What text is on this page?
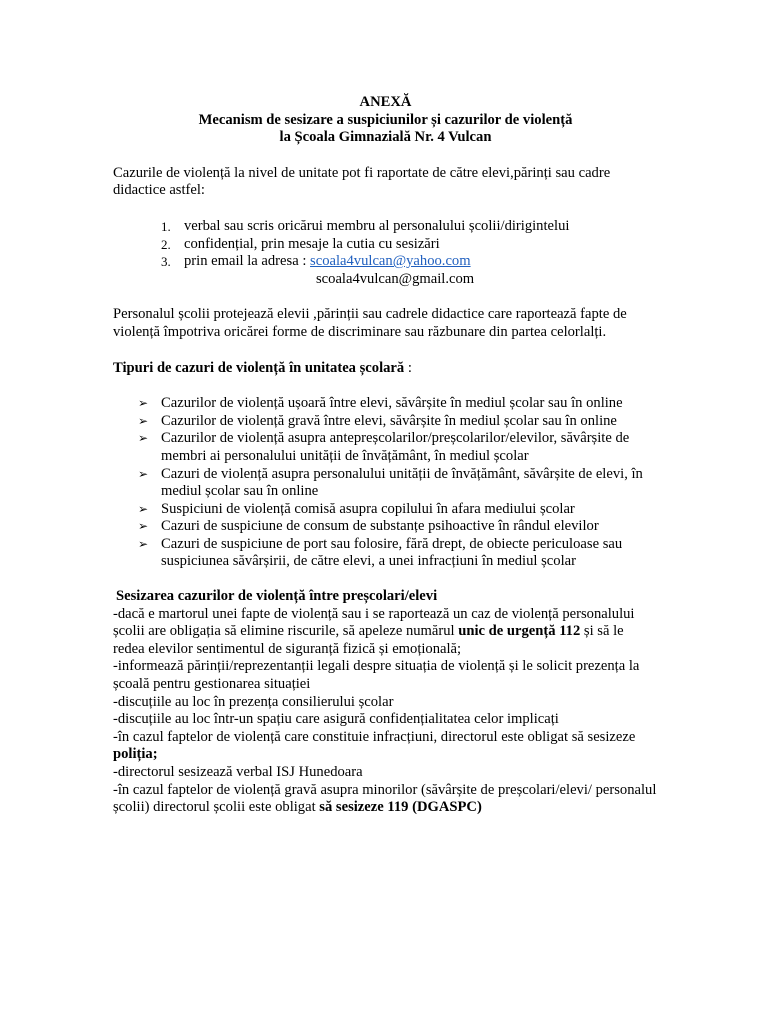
ANEXĂ

Mecanism de sesizare a suspiciunilor și cazurilor de violență

la Școala Gimnazială Nr. 4 Vulcan

Cazurile de violență la nivel de unitate pot fi raportate de către elevi,părinți sau cadre didactice astfel:

1. verbal sau scris oricărui membru al personalului școlii/dirigintelui
2. confidențial, prin mesaje la cutia cu sesizări
3. prin email la adresa : scoala4vulcan@yahoo.com

scoala4vulcan@gmail.com

Personalul școlii protejează elevii ,părinții sau cadrele didactice care raportează fapte de violență împotriva oricărei forme de discriminare sau răzbunare din partea celorlalți.

Tipuri de cazuri de violență în unitatea școlară :

➢ Cazurilor de violență ușoară între elevi, săvârșite în mediul școlar sau în online
➢ Cazurilor de violență gravă între elevi, săvârșite în mediul școlar sau în online
➢ Cazurilor de violență asupra antepreșcolarilor/preșcolarilor/elevilor, săvârșite de membri ai personalului unității de învățământ, în mediul școlar
➢ Cazuri de violență asupra personalului unității de învățământ, săvârșite de elevi, în mediul școlar sau în online
➢ Suspiciuni de violență comisă asupra copilului în afara mediului școlar
➢ Cazuri de suspiciune de consum de substanțe psihoactive în rândul elevilor
➢ Cazuri de suspiciune de port sau folosire, fără drept, de obiecte periculoase sau suspiciunea săvârșirii, de către elevi, a unei infracțiuni în mediul școlar

Sesizarea cazurilor de violență între preșcolari/elevi

-dacă e martorul unei fapte de violență sau i se raportează un caz de violență personalului școlii are obligația să elimine riscurile, să apeleze numărul unic de urgență 112 și să le redea elevilor sentimentul de siguranță fizică și emoțională;

-informează părinții/reprezentanții legali despre situația de violență și le solicit prezența la școală pentru gestionarea situației

-discuțiile au loc în prezența consilierului școlar

-discuțiile au loc într-un spațiu care asigură confidențialitatea celor implicați

-în cazul faptelor de violență care constituie infracțiuni, directorul este obligat să sesizeze poliția;

-directorul sesizează verbal ISJ Hunedoara

-în cazul faptelor de violență gravă asupra minorilor (săvârșite de preșcolari/elevi/ personalul școlii) directorul școlii este obligat să sesizeze 119 (DGASPC)
